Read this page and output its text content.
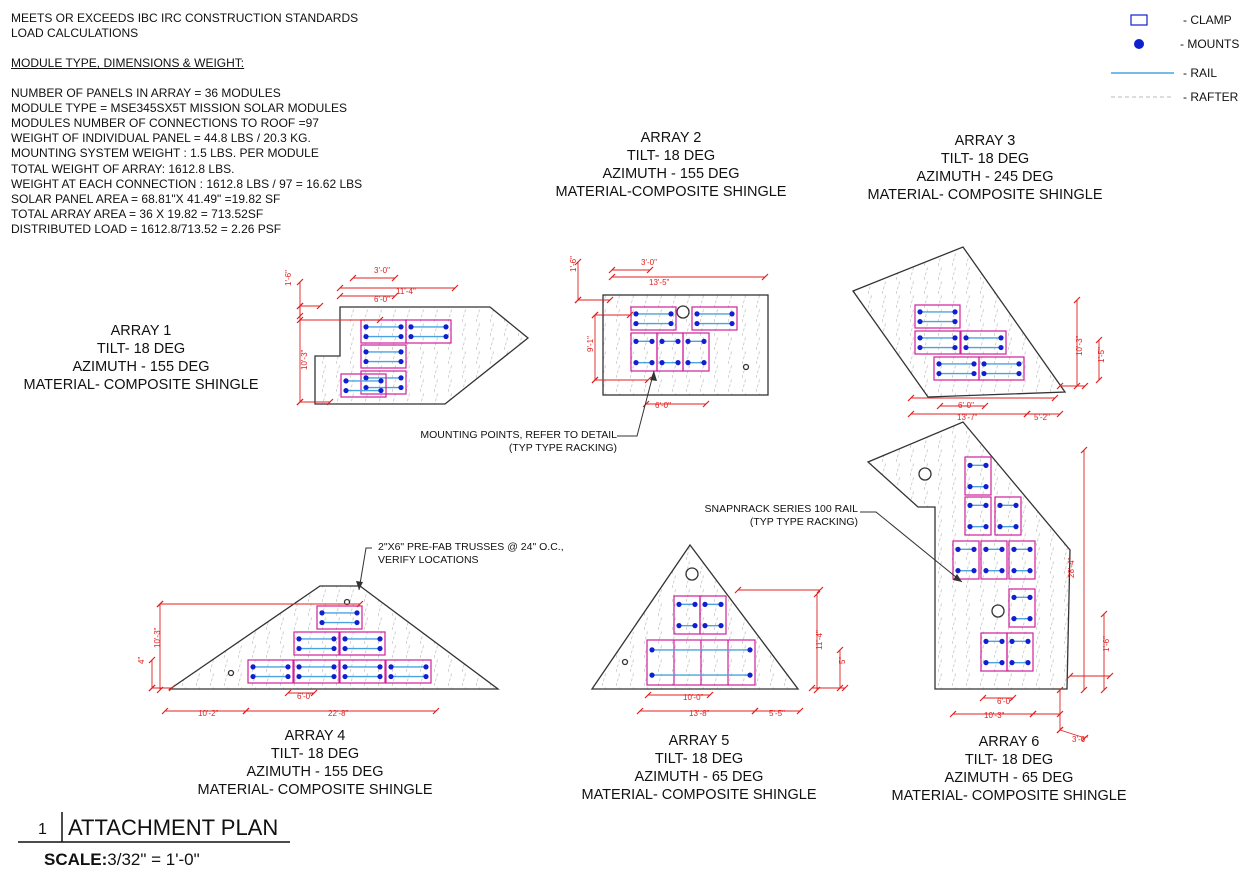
3'-0"
11'-4"
6'-0"
1'-6"
10'-3"
3'-0"
13'-5"
1'-6"
9'-1"
6'-0"
10'-3" 1'-5"
6'-0"
13'-7"	5'-2"
10'-3"
4"
6'-0"
10'-2"	22'-8"
11'-4"
5"
10'-0"
13'-8"	5'-5"
28'-4"
1'-6"
6'-0"
10'-3"
3'-6"
MEETS OR EXCEEDS IBC IRC CONSTRUCTION STANDARDS
LOAD CALCULATIONS
MODULE TYPE, DIMENSIONS & WEIGHT:
NUMBER OF PANELS IN ARRAY = 36 MODULES
MODULE TYPE = MSE345SX5T MISSION SOLAR MODULES
MODULES NUMBER OF CONNECTIONS TO ROOF =97
WEIGHT OF INDIVIDUAL PANEL = 44.8 LBS / 20.3 KG.
MOUNTING SYSTEM WEIGHT : 1.5 LBS. PER MODULE
TOTAL WEIGHT OF ARRAY: 1612.8 LBS.
WEIGHT AT EACH CONNECTION : 1612.8 LBS / 97 = 16.62 LBS
SOLAR PANEL AREA = 68.81"X 41.49" =19.82 SF
TOTAL ARRAY AREA = 36 X 19.82 = 713.52SF
DISTRIBUTED LOAD = 1612.8/713.52 = 2.26 PSF
- CLAMP
- MOUNTS
- RAIL
- RAFTER
ARRAY 1
TILT- 18 DEG
AZIMUTH - 155 DEG
MATERIAL- COMPOSITE SHINGLE
ARRAY 2
TILT- 18 DEG
AZIMUTH - 155 DEG
MATERIAL-COMPOSITE SHINGLE
ARRAY 3
TILT- 18 DEG
AZIMUTH - 245 DEG
MATERIAL- COMPOSITE SHINGLE
ARRAY 4
TILT- 18 DEG
AZIMUTH - 155 DEG
MATERIAL- COMPOSITE SHINGLE
ARRAY 5
TILT- 18 DEG
AZIMUTH - 65 DEG
MATERIAL- COMPOSITE SHINGLE
ARRAY 6
TILT- 18 DEG
AZIMUTH - 65 DEG
MATERIAL- COMPOSITE SHINGLE
MOUNTING POINTS, REFER TO DETAIL
(TYP TYPE RACKING)
SNAPNRACK SERIES 100 RAIL
(TYP TYPE RACKING)
2"X6" PRE-FAB TRUSSES @ 24" O.C.,
VERIFY LOCATIONS
1 ATTACHMENT PLAN
SCALE:3/32" = 1'-0"
